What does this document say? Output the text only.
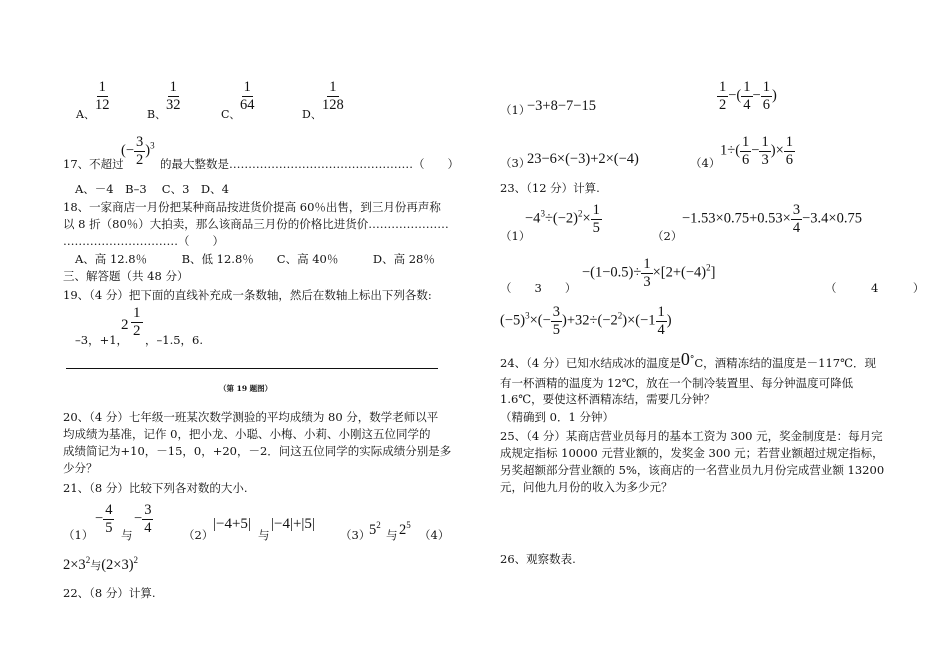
A、
$\frac{1}{12}$
B、
$\frac{1}{32}$
C、
$\frac{1}{64}$
D、
$\frac{1}{128}$
17、不超过
(− $\frac{3}{2} )^3$
的最大整数是…………………………………………（　　）
A、－4　B–3　 C、3　D、4
18、一家商店一月份把某种商品按进货价提高 60％出售，到三月份再声称
以 8 折（80％）大拍卖，那么该商品三月份的价格比进货价…………………
…………………………（　　）
A、高 12.8％　　　B、低 12.8％　　C、高 40％　　　D、高 28％
三、解答题（共 48 分）
19、（4 分）把下面的直线补充成一条数轴，然后在数轴上标出下列各数:
–3，+1，
$2 \frac{1}{2}$
，–1.5，6.
（第 19 题图）
20、（4 分）七年级一班某次数学测验的平均成绩为 80 分，数学老师以平
均成绩为基准，记作 0，把小龙、小聪、小梅、小莉、小刚这五位同学的
成绩简记为+10，－15，0，+20，－2．问这五位同学的实际成绩分别是多
少分？
21、（8 分）比较下列各对数的大小.
（1）
− $\frac{4}{5}$ 与
− $\frac{3}{4}$	（2）
|−4+5|
与
|−4|+|5|
（3）
$5^2$
与 $2^5$
（4）
$2\times 3^2$与$(2\times 3)^2$
22、（8 分）计算.
（1）
−3+8−7−15	$\frac{1}{2}$ −( $\frac{1}{4} - \frac{1}{6}$ )
（3）
23−6×(−3)+2×(−4)	（4）
$1\div( \frac{1}{6} - \frac{1}{3}$ )× $\frac{1}{6}$
23、（12 分）计算.
（1）
$-4^3\div(-2)^2\times \frac{1}{5}$
（2）
$-1.53\times 0.75+0.53\times \frac{3}{4} -3.4\times 0.75$
（　　3　　）
$-(1-0.5)\div \frac{1}{3} \times[2+(-4)^2]$
（　　　4　　　）
$(-5)^3\times(- \frac{3}{5} )+32\div(-2^2)\times(-1 \frac{1}{4}$ )
24、（4 分）已知水结成冰的温度是0°C，酒精冻结的温度是－117℃．现
有一杯酒精的温度为 12℃，放在一个制冷装置里、每分钟温度可降低
1.6℃，要使这杯酒精冻结，需要几分钟？
（精确到 0．1 分钟）
25、（4 分）某商店营业员每月的基本工资为 300 元，奖金制度是：每月完
成规定指标 10000 元营业额的，发奖金 300 元；若营业额超过规定指标，
另奖超额部分营业额的 5%，该商店的一名营业员九月份完成营业额 13200
元，问他九月份的收入为多少元？
26、观察数表.
